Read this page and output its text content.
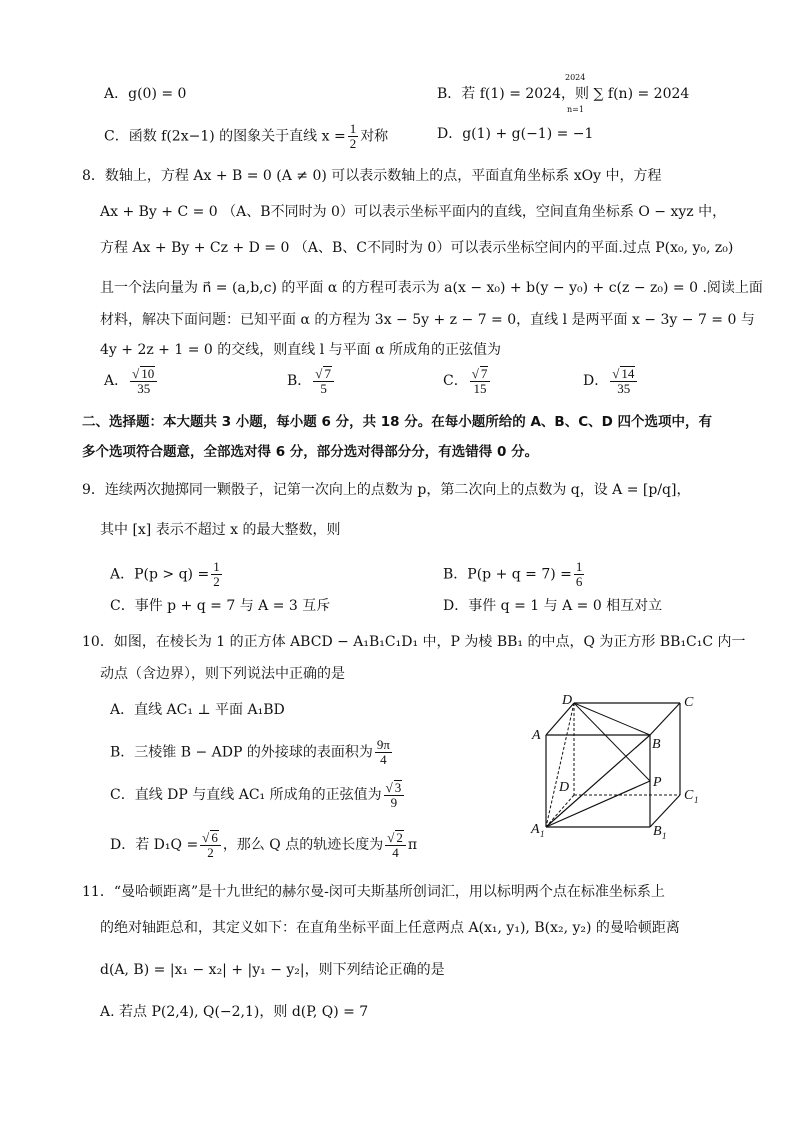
A．g(0) = 0	B．若 f(1) = 2024，则 ∑ f(n) = 2024
2024
n=1
C．函数 f(2x−1) 的图象关于直线 $x = \frac{1}{2}$ 对称	D．g(1) + g(−1) = −1
8．数轴上，方程 Ax + B = 0 (A ≠ 0) 可以表示数轴上的点，平面直角坐标系 xOy 中，方程
Ax + By + C = 0 （A、B不同时为 0）可以表示坐标平面内的直线，空间直角坐标系 O − xyz 中，
方程 Ax + By + Cz + D = 0 （A、B、C不同时为 0）可以表示坐标空间内的平面.过点 P(x₀, y₀, z₀)
且一个法向量为 n⃗ = (a,b,c) 的平面 α 的方程可表示为 a(x − x₀) + b(y − y₀) + c(z − z₀) = 0 .阅读上面
材料，解决下面问题：已知平面 α 的方程为 3x − 5y + z − 7 = 0，直线 l 是两平面 x − 3y − 7 = 0 与
4y + 2z + 1 = 0 的交线，则直线 l 与平面 α 所成角的正弦值为
A． $\frac{√ 10}{35}$	B． $\frac{√ 7}{5}$	C． $\frac{√ 7}{15}$	D． $\frac{√ 14}{35}$
二、选择题：本大题共 3 小题，每小题 6 分，共 18 分。在每小题所给的 A、B、C、D 四个选项中，有
多个选项符合题意，全部选对得 6 分，部分选对得部分分，有选错得 0 分。
9．连续两次抛掷同一颗骰子，记第一次向上的点数为 p，第二次向上的点数为 q，设 A = [p/q]，
其中 [x] 表示不超过 x 的最大整数，则
A．$P(p > q) = \frac{1}{2}$	B．$P(p + q = 7) = \frac{1}{6}$
C．事件 p + q = 7 与 A = 3 互斥	D．事件 q = 1 与 A = 0 相互对立
10．如图，在棱长为 1 的正方体 ABCD − A₁B₁C₁D₁ 中，P 为棱 BB₁ 的中点，Q 为正方形 BB₁C₁C 内一
动点（含边界），则下列说法中正确的是
A．直线 AC₁ ⊥ 平面 A₁BD
B．三棱锥 B − ADP 的外接球的表面积为 $\frac{9\pi}{4}$
C．直线 DP 与直线 AC₁ 所成角的正弦值为 $\frac{√ 3}{9}$
D．若 $D_1Q = \frac{√ 6}{2}$ ，那么 Q 点的轨迹长度为 $\frac{√ 2}{4}$ π
D	C
A
B
D	P
C 1
A 1	B 1
11．“曼哈顿距离”是十九世纪的赫尔曼-闵可夫斯基所创词汇，用以标明两个点在标准坐标系上
的绝对轴距总和，其定义如下：在直角坐标平面上任意两点 A(x₁, y₁), B(x₂, y₂) 的曼哈顿距离
d(A, B) = |x₁ − x₂| + |y₁ − y₂|，则下列结论正确的是
A. 若点 P(2,4), Q(−2,1)，则 d(P, Q) = 7
